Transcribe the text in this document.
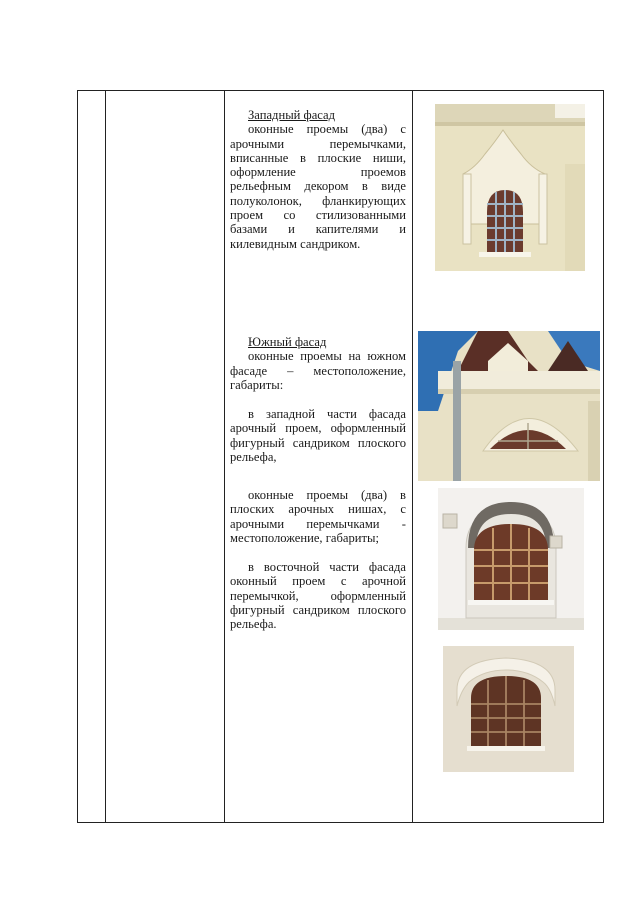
Западный фасад
оконные проемы (два) с арочными перемычками, вписанные в плоские ниши, оформление проемов рельефным декором в виде полуколонок, фланкирующих проем со стилизованными базами и капителями и килевидным сандриком.
Южный фасад
оконные проемы на южном фасаде – местоположение, габариты:
в западной части фасада арочный проем, оформленный фигурный сандриком плоского рельефа,
оконные проемы (два) в плоских арочных нишах, с арочными перемычками - местоположение, габариты;
в восточной части фасада оконный проем с арочной перемычкой, оформленный фигурный сандриком плоского рельефа.
